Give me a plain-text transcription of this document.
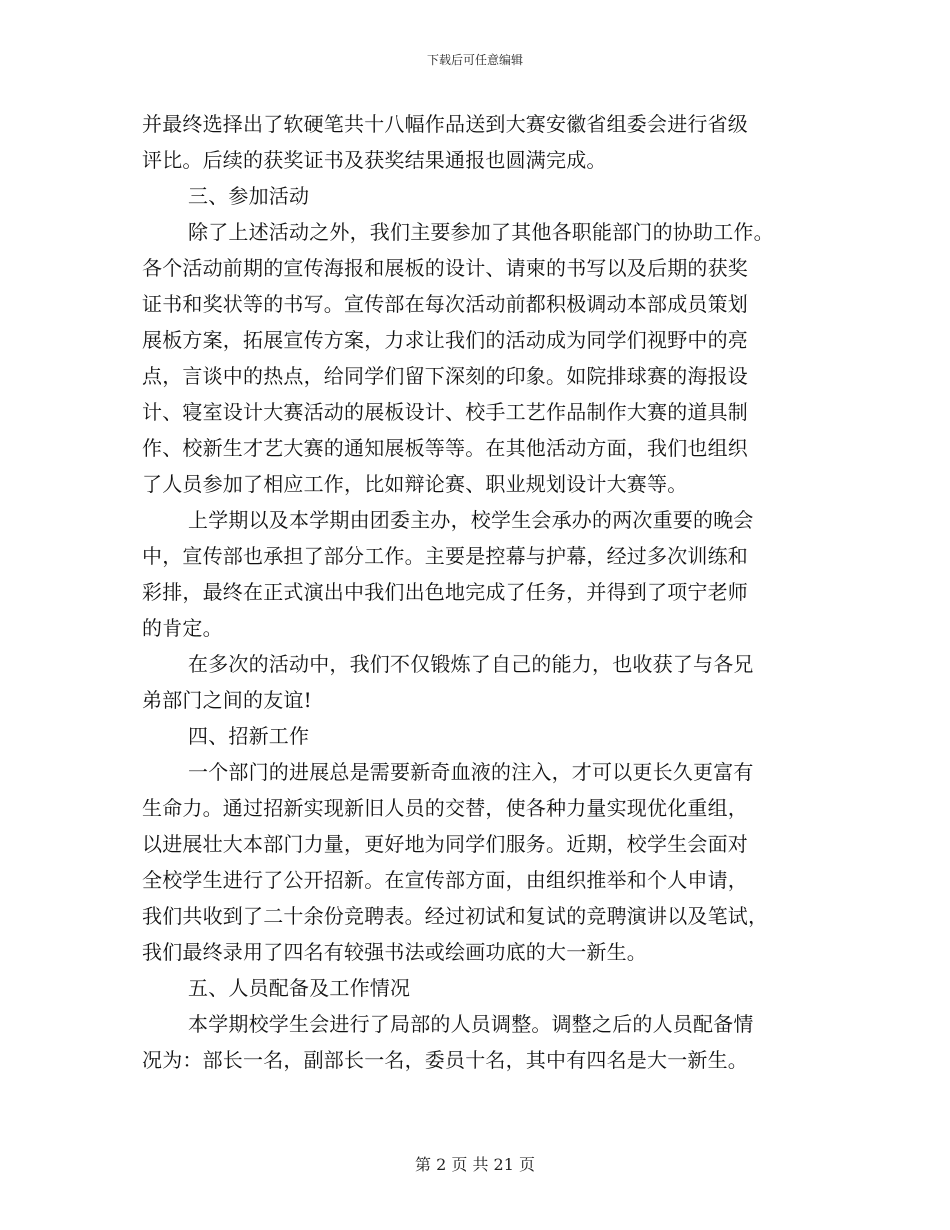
下载后可任意编辑
并最终选择出了软硬笔共十八幅作品送到大赛安徽省组委会进行省级
评比。后续的获奖证书及获奖结果通报也圆满完成。
三、参加活动
除了上述活动之外，我们主要参加了其他各职能部门的协助工作。
各个活动前期的宣传海报和展板的设计、请柬的书写以及后期的获奖
证书和奖状等的书写。宣传部在每次活动前都积极调动本部成员策划
展板方案，拓展宣传方案，力求让我们的活动成为同学们视野中的亮
点，言谈中的热点，给同学们留下深刻的印象。如院排球赛的海报设
计、寝室设计大赛活动的展板设计、校手工艺作品制作大赛的道具制
作、校新生才艺大赛的通知展板等等。在其他活动方面，我们也组织
了人员参加了相应工作，比如辩论赛、职业规划设计大赛等。
上学期以及本学期由团委主办，校学生会承办的两次重要的晚会
中，宣传部也承担了部分工作。主要是控幕与护幕，经过多次训练和
彩排，最终在正式演出中我们出色地完成了任务，并得到了项宁老师
的肯定。
在多次的活动中，我们不仅锻炼了自己的能力，也收获了与各兄
弟部门之间的友谊!
四、招新工作
一个部门的进展总是需要新奇血液的注入，才可以更长久更富有
生命力。通过招新实现新旧人员的交替，使各种力量实现优化重组，
以进展壮大本部门力量，更好地为同学们服务。近期，校学生会面对
全校学生进行了公开招新。在宣传部方面，由组织推举和个人申请，
我们共收到了二十余份竞聘表。经过初试和复试的竞聘演讲以及笔试，
我们最终录用了四名有较强书法或绘画功底的大一新生。
五、人员配备及工作情况
本学期校学生会进行了局部的人员调整。调整之后的人员配备情
况为：部长一名，副部长一名，委员十名，其中有四名是大一新生。
第 2 页 共 21 页
